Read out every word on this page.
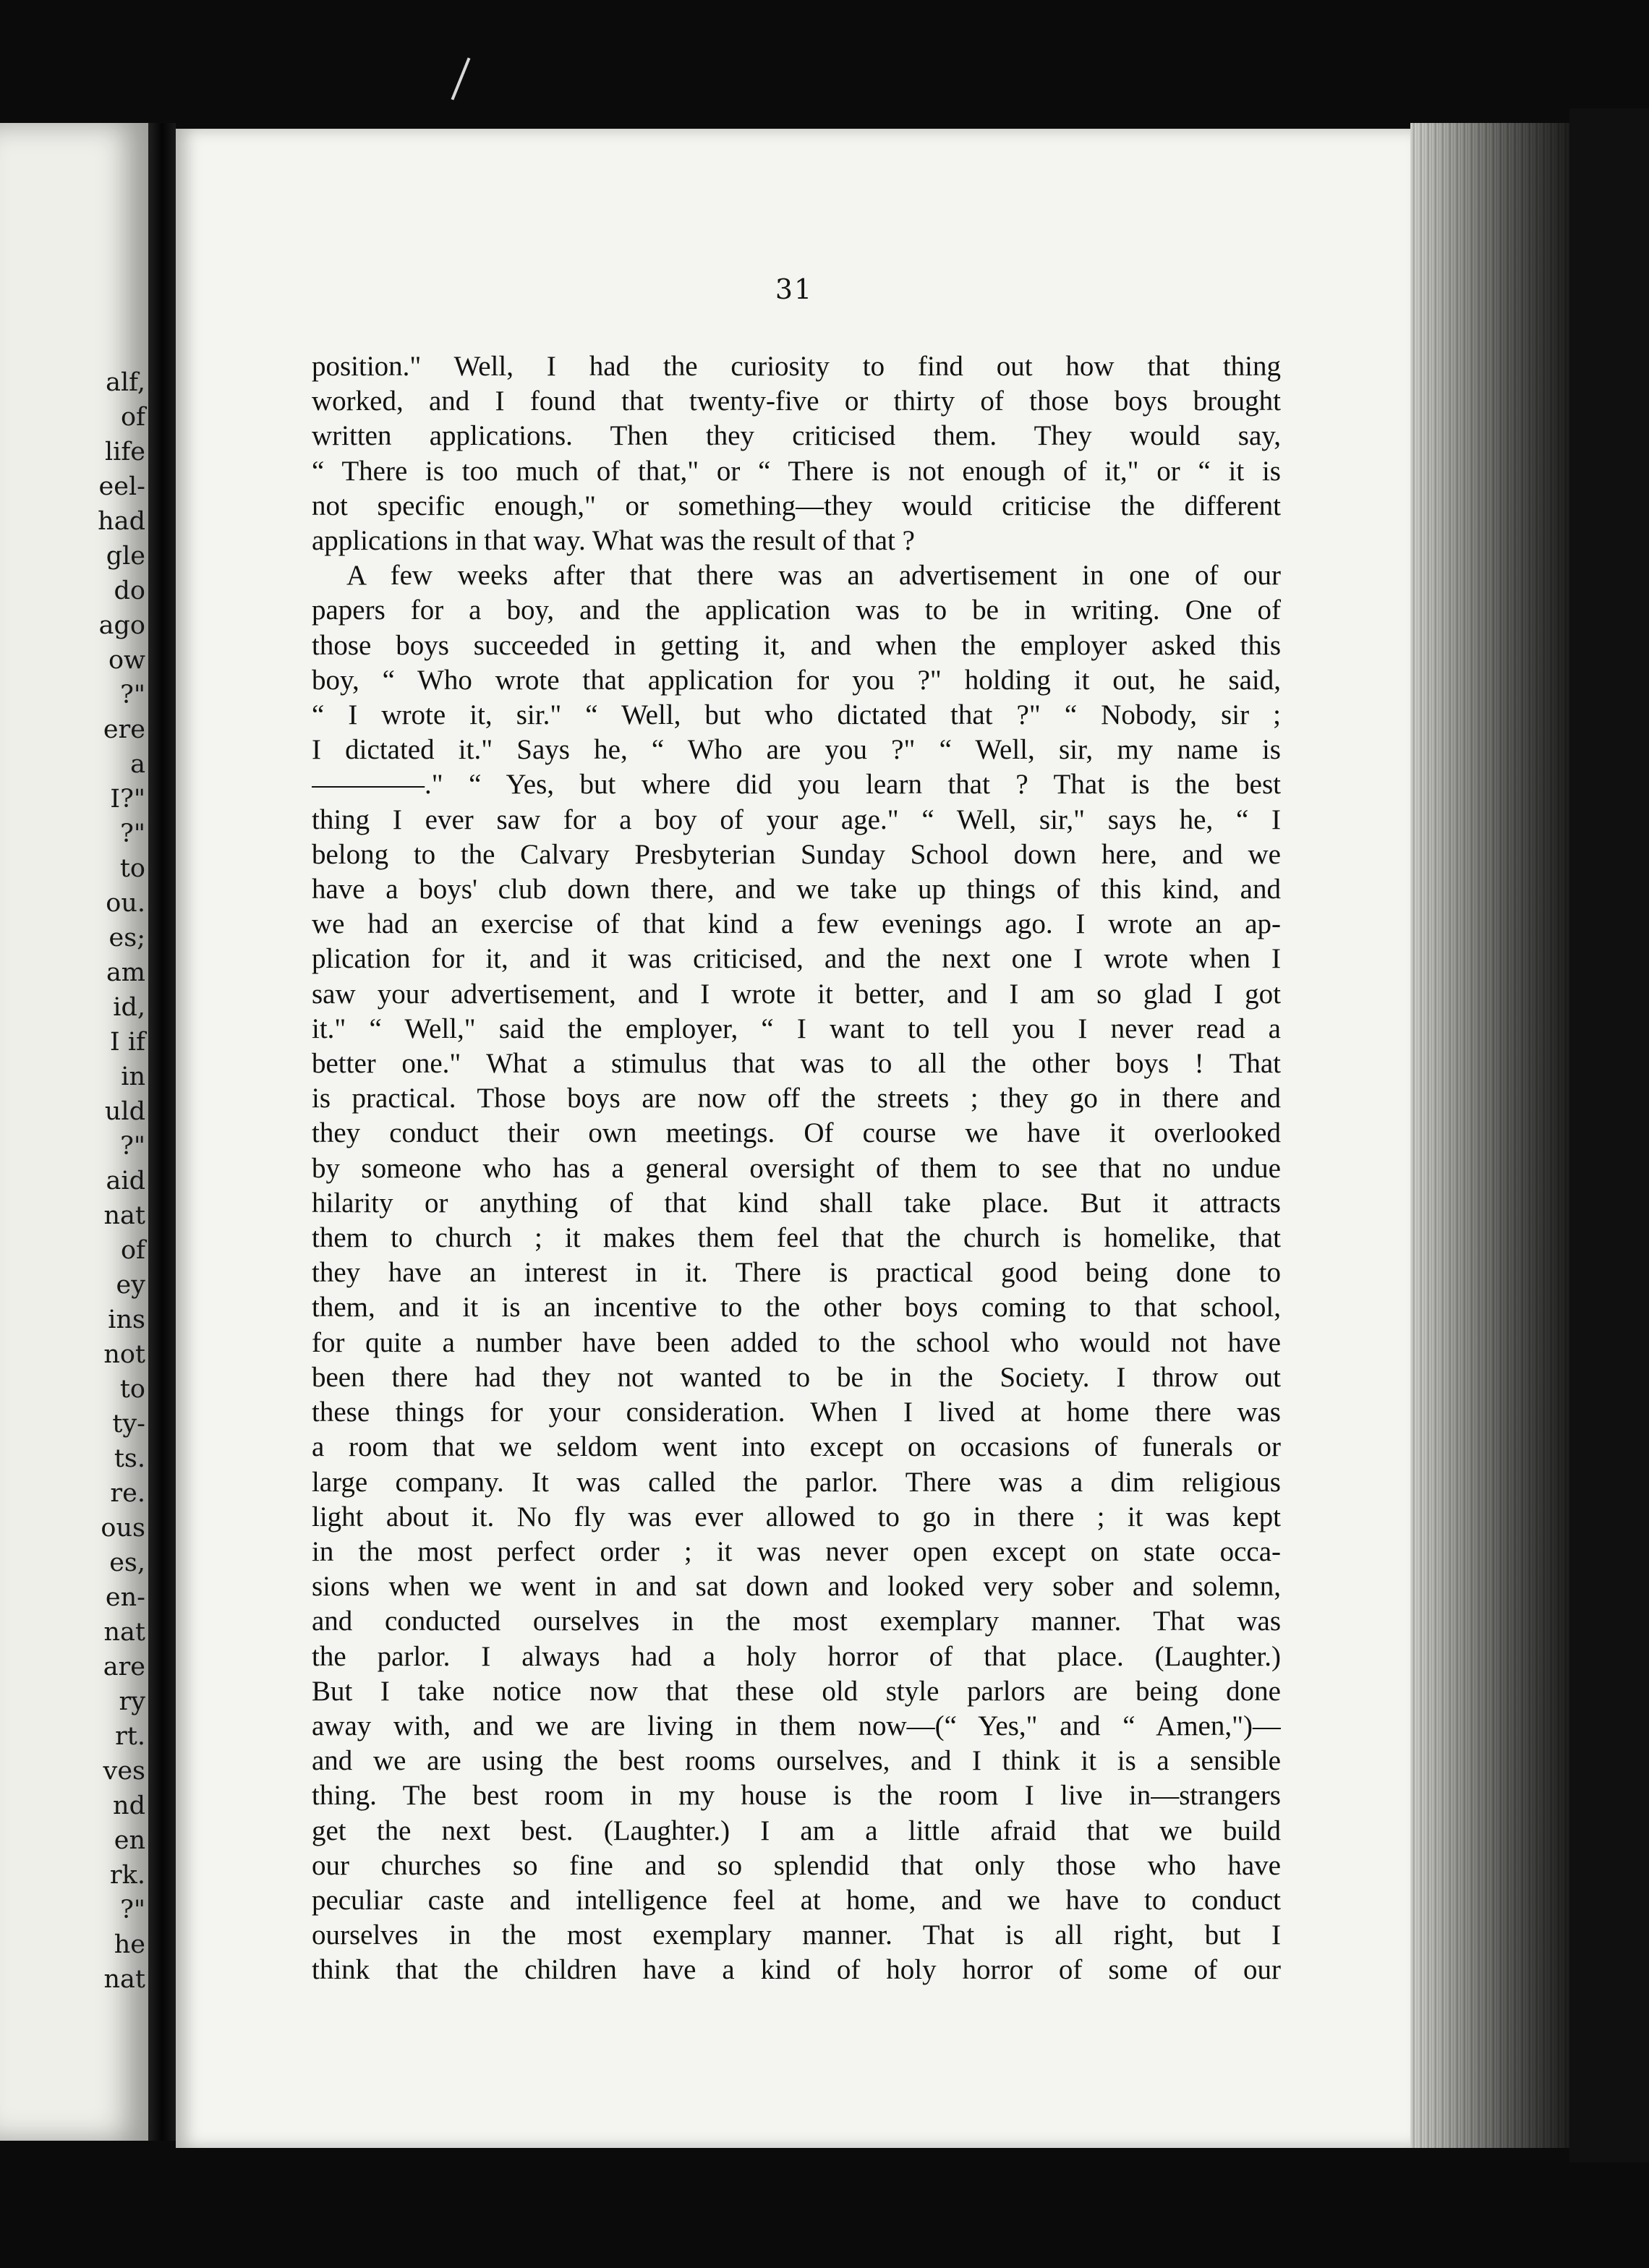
alf,
of
life
eel-
had
gle
do
ago
ow
?"
ere
a
I?"
?"
to
ou.
es;
am
id,
I if
in
uld
?"
aid
nat
of
ey
ins
not
to
ty-
ts.
re.
ous
es,
en-
nat
are
ry
rt.
ves
nd
en
rk.
?"
he
nat
31
position." Well, I had the curiosity to find out how that thing
worked, and I found that twenty-five or thirty of those boys brought
written applications. Then they criticised them. They would say,
“ There is too much of that," or “ There is not enough of it," or “ it is
not specific enough," or something—they would criticise the different
applications in that way. What was the result of that ?
A few weeks after that there was an advertisement in one of our
papers for a boy, and the application was to be in writing. One of
those boys succeeded in getting it, and when the employer asked this
boy, “ Who wrote that application for you ?" holding it out, he said,
“ I wrote it, sir." “ Well, but who dictated that ?" “ Nobody, sir ;
I dictated it." Says he, “ Who are you ?" “ Well, sir, my name is
————." “ Yes, but where did you learn that ? That is the best
thing I ever saw for a boy of your age." “ Well, sir," says he, “ I
belong to the Calvary Presbyterian Sunday School down here, and we
have a boys' club down there, and we take up things of this kind, and
we had an exercise of that kind a few evenings ago. I wrote an ap-
plication for it, and it was criticised, and the next one I wrote when I
saw your advertisement, and I wrote it better, and I am so glad I got
it." “ Well," said the employer, “ I want to tell you I never read a
better one." What a stimulus that was to all the other boys ! That
is practical. Those boys are now off the streets ; they go in there and
they conduct their own meetings. Of course we have it overlooked
by someone who has a general oversight of them to see that no undue
hilarity or anything of that kind shall take place. But it attracts
them to church ; it makes them feel that the church is homelike, that
they have an interest in it. There is practical good being done to
them, and it is an incentive to the other boys coming to that school,
for quite a number have been added to the school who would not have
been there had they not wanted to be in the Society. I throw out
these things for your consideration. When I lived at home there was
a room that we seldom went into except on occasions of funerals or
large company. It was called the parlor. There was a dim religious
light about it. No fly was ever allowed to go in there ; it was kept
in the most perfect order ; it was never open except on state occa-
sions when we went in and sat down and looked very sober and solemn,
and conducted ourselves in the most exemplary manner. That was
the parlor. I always had a holy horror of that place. (Laughter.)
But I take notice now that these old style parlors are being done
away with, and we are living in them now—(“ Yes," and “ Amen,")—
and we are using the best rooms ourselves, and I think it is a sensible
thing. The best room in my house is the room I live in—strangers
get the next best. (Laughter.) I am a little afraid that we build
our churches so fine and so splendid that only those who have
peculiar caste and intelligence feel at home, and we have to conduct
ourselves in the most exemplary manner. That is all right, but I
think that the children have a kind of holy horror of some of our
